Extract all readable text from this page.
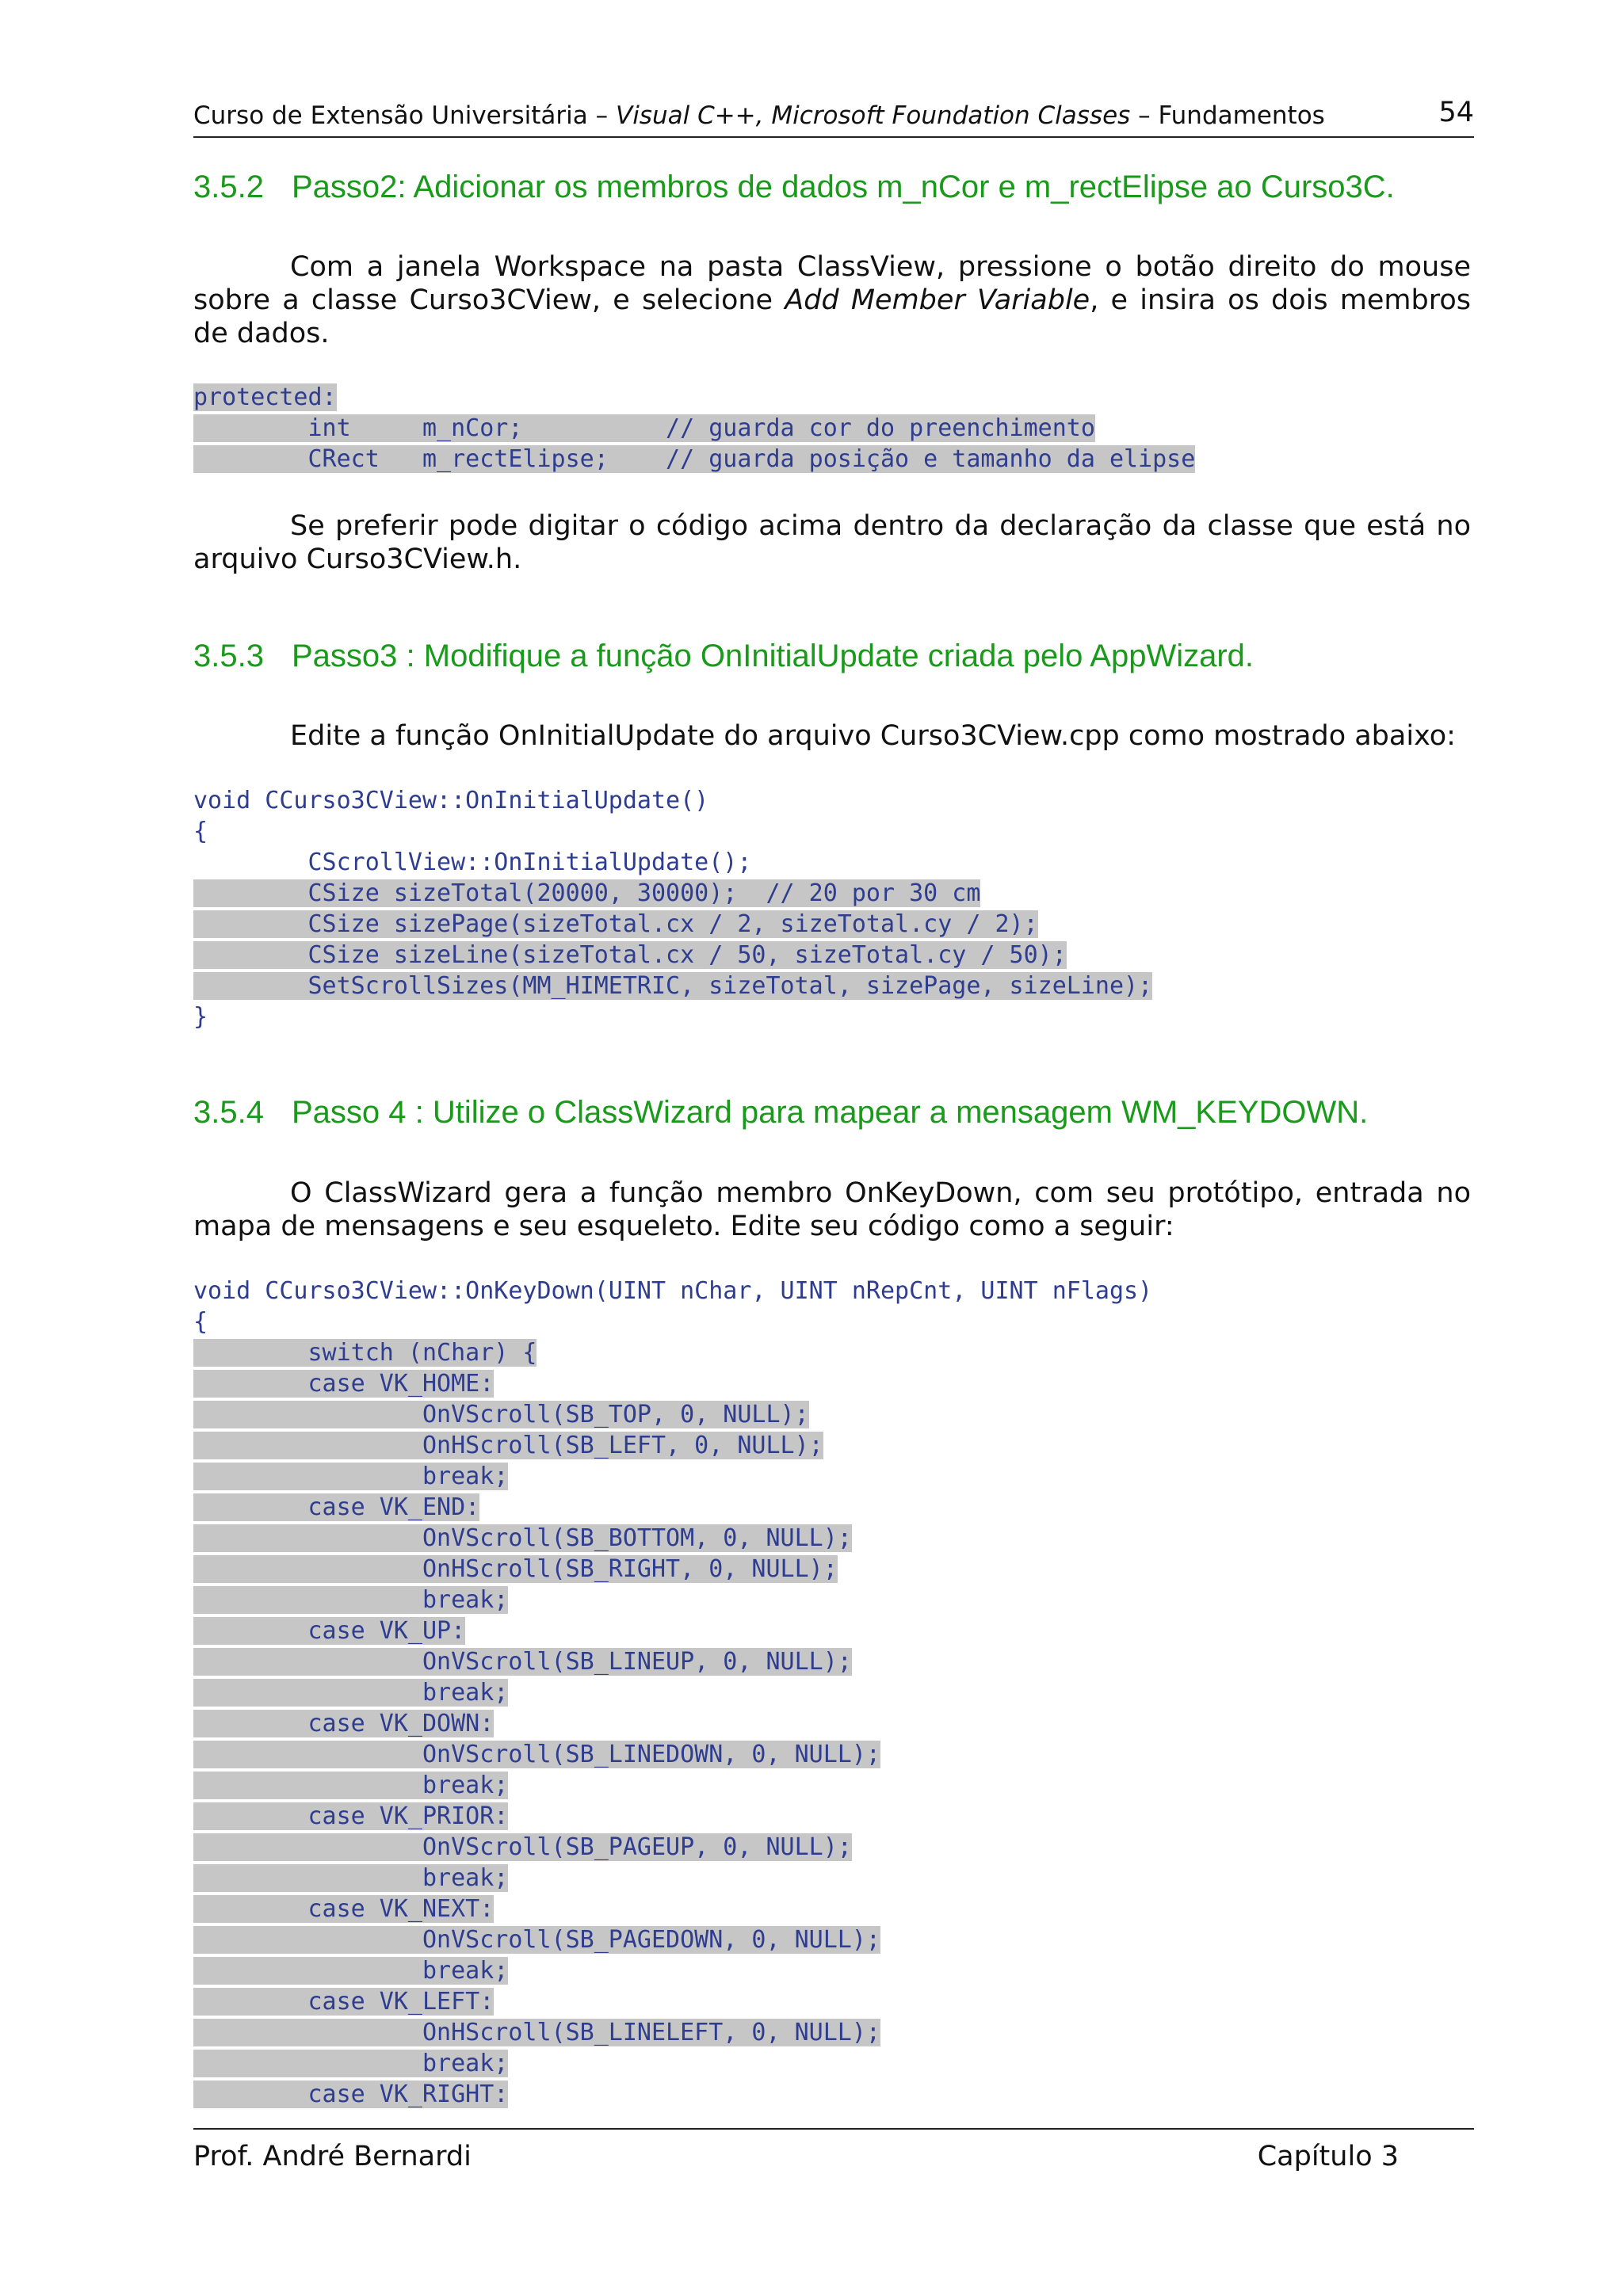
Curso de Extensão Universitária – Visual C++, Microsoft Foundation Classes – Fundamentos	54
3.5.2 Passo2: Adicionar os membros de dados m_nCor e m_rectElipse ao Curso3C.
Com a janela Workspace na pasta ClassView, pressione o botão direito do mouse sobre a classe Curso3CView, e selecione Add Member Variable, e insira os dois membros de dados.
protected:
int     m_nCor;          // guarda cor do preenchimento
CRect   m_rectElipse;    // guarda posição e tamanho da elipse
Se preferir pode digitar o código acima dentro da declaração da classe que está no arquivo Curso3CView.h.
3.5.3 Passo3 : Modifique a função OnInitialUpdate criada pelo AppWizard.
Edite a função OnInitialUpdate do arquivo Curso3CView.cpp como mostrado abaixo:
void CCurso3CView::OnInitialUpdate()
{
CScrollView::OnInitialUpdate();
CSize sizeTotal(20000, 30000);  // 20 por 30 cm
CSize sizePage(sizeTotal.cx / 2, sizeTotal.cy / 2);
CSize sizeLine(sizeTotal.cx / 50, sizeTotal.cy / 50);
SetScrollSizes(MM_HIMETRIC, sizeTotal, sizePage, sizeLine);
}
3.5.4 Passo 4 : Utilize o ClassWizard para mapear a mensagem WM_KEYDOWN.
O ClassWizard gera a função membro OnKeyDown, com seu protótipo, entrada no mapa de mensagens e seu esqueleto. Edite seu código como a seguir:
void CCurso3CView::OnKeyDown(UINT nChar, UINT nRepCnt, UINT nFlags)
{
switch (nChar) {
case VK_HOME:
OnVScroll(SB_TOP, 0, NULL);
OnHScroll(SB_LEFT, 0, NULL);
break;
case VK_END:
OnVScroll(SB_BOTTOM, 0, NULL);
OnHScroll(SB_RIGHT, 0, NULL);
break;
case VK_UP:
OnVScroll(SB_LINEUP, 0, NULL);
break;
case VK_DOWN:
OnVScroll(SB_LINEDOWN, 0, NULL);
break;
case VK_PRIOR:
OnVScroll(SB_PAGEUP, 0, NULL);
break;
case VK_NEXT:
OnVScroll(SB_PAGEDOWN, 0, NULL);
break;
case VK_LEFT:
OnHScroll(SB_LINELEFT, 0, NULL);
break;
case VK_RIGHT:
Prof. André Bernardi	Capítulo 3
